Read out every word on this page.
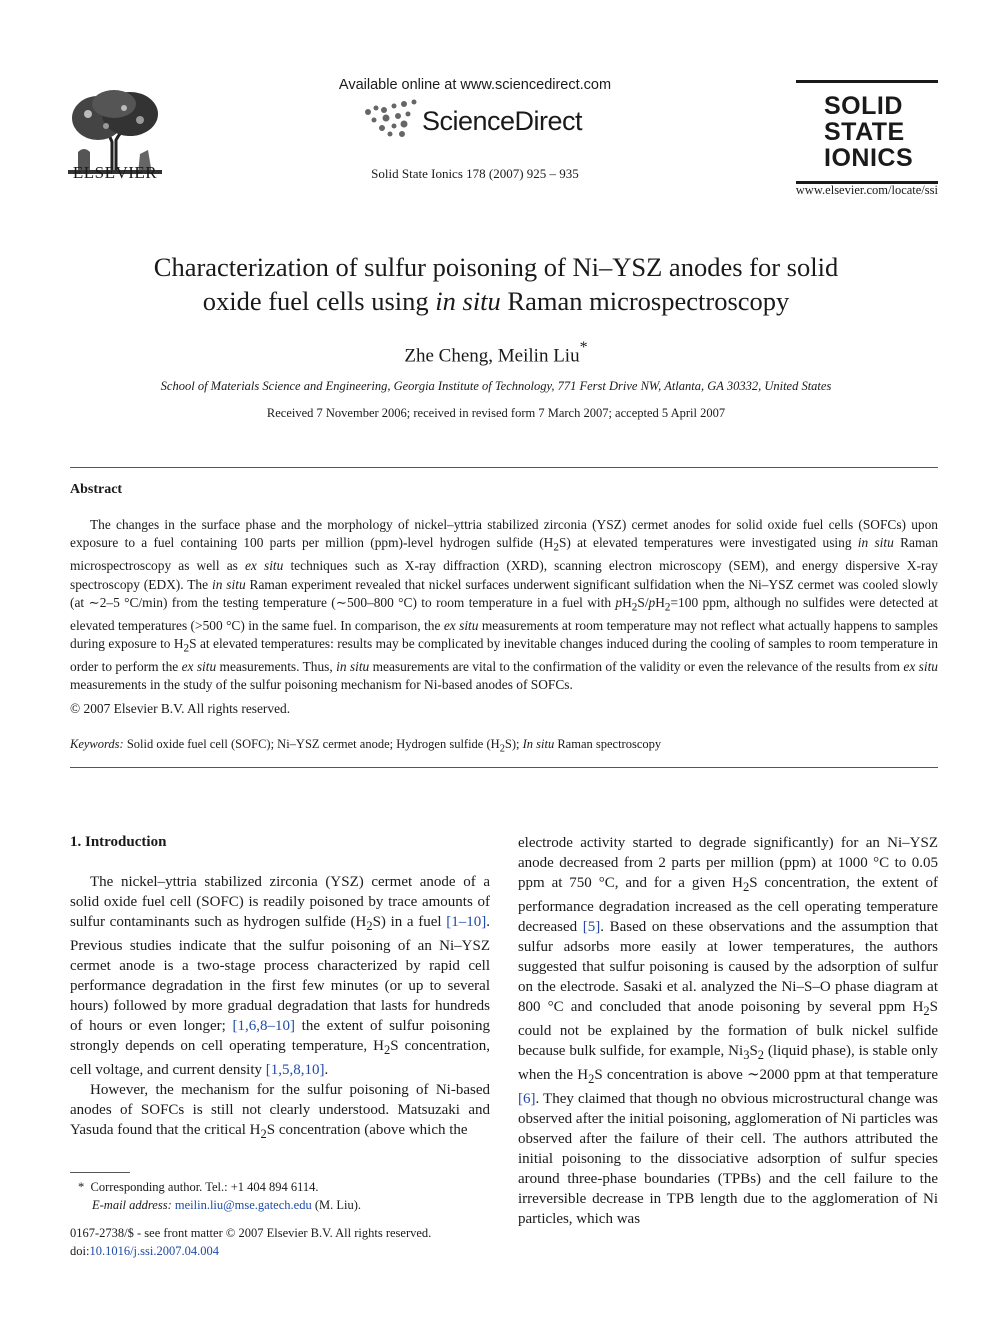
ELSEVIER
Available online at www.sciencedirect.com
ScienceDirect
Solid State Ionics 178 (2007) 925 – 935
SOLID
STATE
IONICS
www.elsevier.com/locate/ssi
Characterization of sulfur poisoning of Ni–YSZ anodes for solid
oxide fuel cells using in situ Raman microspectroscopy
Zhe Cheng, Meilin Liu*
School of Materials Science and Engineering, Georgia Institute of Technology, 771 Ferst Drive NW, Atlanta, GA 30332, United States
Received 7 November 2006; received in revised form 7 March 2007; accepted 5 April 2007
Abstract

The changes in the surface phase and the morphology of nickel–yttria stabilized zirconia (YSZ) cermet anodes for solid oxide fuel cells (SOFCs) upon exposure to a fuel containing 100 parts per million (ppm)-level hydrogen sulfide $(H_2S)$ at elevated temperatures were investigated using in situ Raman microspectroscopy as well as ex situ techniques such as X-ray diffraction (XRD), scanning electron microscopy (SEM), and energy dispersive X-ray spectroscopy (EDX). The in situ Raman experiment revealed that nickel surfaces underwent significant sulfidation when the Ni–YSZ cermet was cooled slowly (at ∼2–5 °C/min) from the testing temperature (∼500–800 °C) to room temperature in a fuel with $pH_2S/pH_2=100$ ppm, although no sulfides were detected at elevated temperatures (>500 °C) in the same fuel. In comparison, the ex situ measurements at room temperature may not reflect what actually happens to samples during exposure to $H_2S$ at elevated temperatures: results may be complicated by inevitable changes induced during the cooling of samples to room temperature in order to perform the ex situ measurements. Thus, in situ measurements are vital to the confirmation of the validity or even the relevance of the results from ex situ measurements in the study of the sulfur poisoning mechanism for Ni-based anodes of SOFCs.

© 2007 Elsevier B.V. All rights reserved.
Keywords: Solid oxide fuel cell (SOFC); Ni–YSZ cermet anode; Hydrogen sulfide $(H_2S)$; In situ Raman spectroscopy
1. Introduction

The nickel–yttria stabilized zirconia (YSZ) cermet anode of a solid oxide fuel cell (SOFC) is readily poisoned by trace amounts of sulfur contaminants such as hydrogen sulfide $(H_2S)$ in a fuel [1–10]. Previous studies indicate that the sulfur poisoning of an Ni–YSZ cermet anode is a two-stage process characterized by rapid cell performance degradation in the first few minutes (or up to several hours) followed by more gradual degradation that lasts for hundreds of hours or even longer; [1,6,8–10] the extent of sulfur poisoning strongly depends on cell operating temperature, $H_2S$ concentration, cell voltage, and current density [1,5,8,10].

However, the mechanism for the sulfur poisoning of Ni-based anodes of SOFCs is still not clearly understood. Matsuzaki and Yasuda found that the critical $H_2S$ concentration (above which the

electrode activity started to degrade significantly) for an Ni–YSZ anode decreased from 2 parts per million (ppm) at 1000 °C to 0.05 ppm at 750 °C, and for a given $H_2S$ concentration, the extent of performance degradation increased as the cell operating temperature decreased [5]. Based on these observations and the assumption that sulfur adsorbs more easily at lower temperatures, the authors suggested that sulfur poisoning is caused by the adsorption of sulfur on the electrode. Sasaki et al. analyzed the Ni–S–O phase diagram at 800 °C and concluded that anode poisoning by several ppm $H_2S$ could not be explained by the formation of bulk nickel sulfide because bulk sulfide, for example, $Ni_3S_2$ (liquid phase), is stable only when the $H_2S$ concentration is above ∼2000 ppm at that temperature [6]. They claimed that though no obvious microstructural change was observed after the initial poisoning, agglomeration of Ni particles was observed after the failure of their cell. The authors attributed the initial poisoning to the dissociative adsorption of sulfur species around three-phase boundaries (TPBs) and the cell failure to the irreversible decrease in TPB length due to the agglomeration of Ni particles, which was

* Corresponding author. Tel.: +1 404 894 6114.
E-mail address: meilin.liu@mse.gatech.edu (M. Liu).
0167-2738/$ - see front matter © 2007 Elsevier B.V. All rights reserved.
doi:10.1016/j.ssi.2007.04.004
